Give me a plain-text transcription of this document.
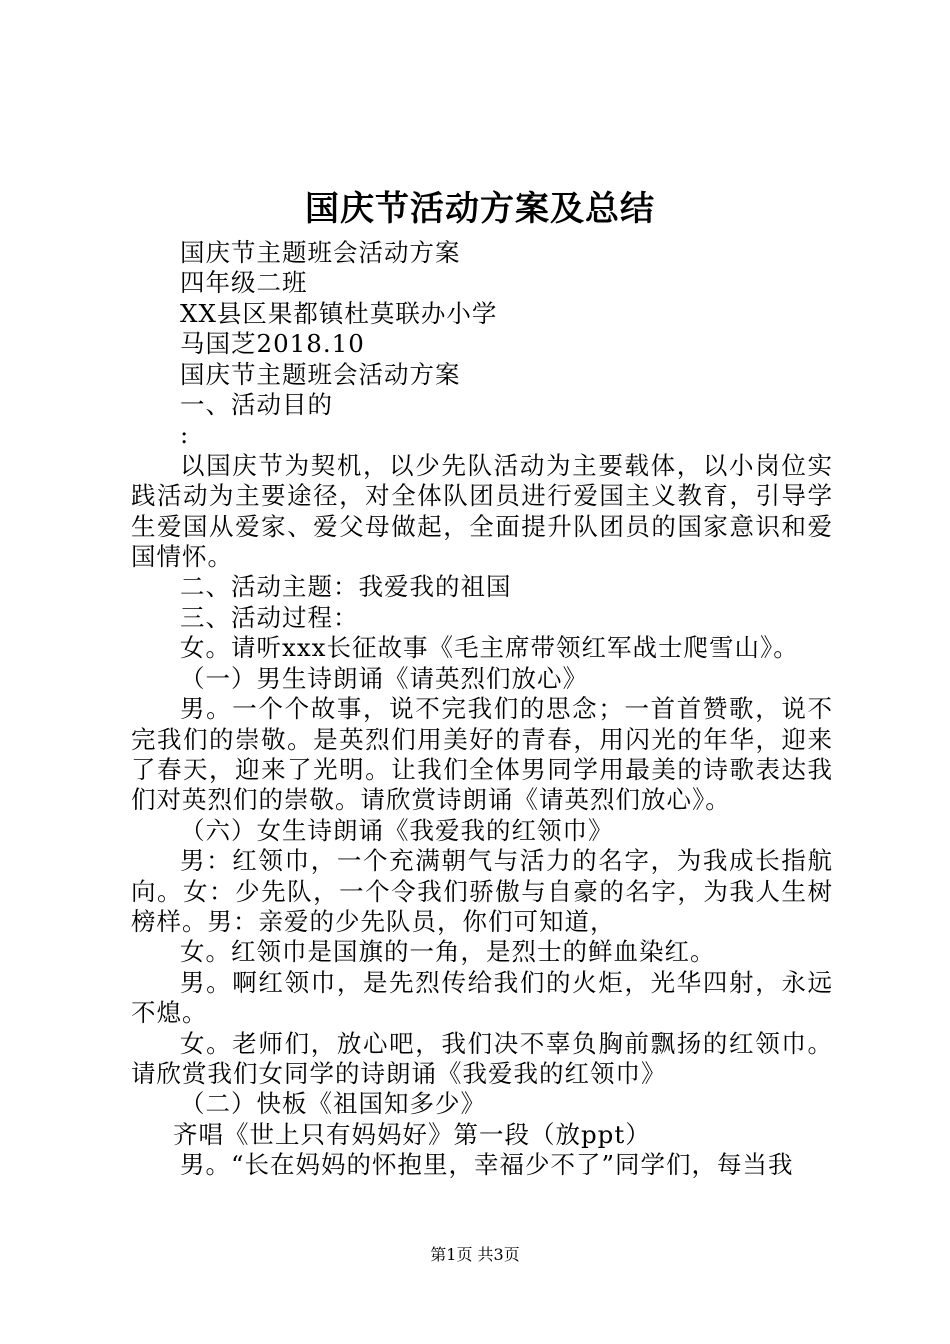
国庆节活动方案及总结

国庆节主题班会活动方案

四年级二班

XX县区果都镇杜莫联办小学

马国芝2018.10

国庆节主题班会活动方案

一、活动目的

:

以国庆节为契机，以少先队活动为主要载体，以小岗位实践活动为主要途径，对全体队团员进行爱国主义教育，引导学生爱国从爱家、爱父母做起，全面提升队团员的国家意识和爱国情怀。

二、活动主题：我爱我的祖国

三、活动过程：

女。请听xxx长征故事《毛主席带领红军战士爬雪山》。

（一）男生诗朗诵《请英烈们放心》

男。一个个故事，说不完我们的思念；一首首赞歌，说不完我们的崇敬。是英烈们用美好的青春，用闪光的年华，迎来了春天，迎来了光明。让我们全体男同学用最美的诗歌表达我们对英烈们的崇敬。请欣赏诗朗诵《请英烈们放心》。

（六）女生诗朗诵《我爱我的红领巾》

男：红领巾，一个充满朝气与活力的名字，为我成长指航向。女：少先队，一个令我们骄傲与自豪的名字，为我人生树榜样。男：亲爱的少先队员，你们可知道，

女。红领巾是国旗的一角，是烈士的鲜血染红。

男。啊红领巾，是先烈传给我们的火炬，光华四射，永远不熄。

女。老师们，放心吧，我们决不辜负胸前飘扬的红领巾。请欣赏我们女同学的诗朗诵《我爱我的红领巾》

（二）快板《祖国知多少》

齐唱《世上只有妈妈好》第一段（放ppt）

男。“长在妈妈的怀抱里，幸福少不了”同学们，每当我

第1页 共3页
